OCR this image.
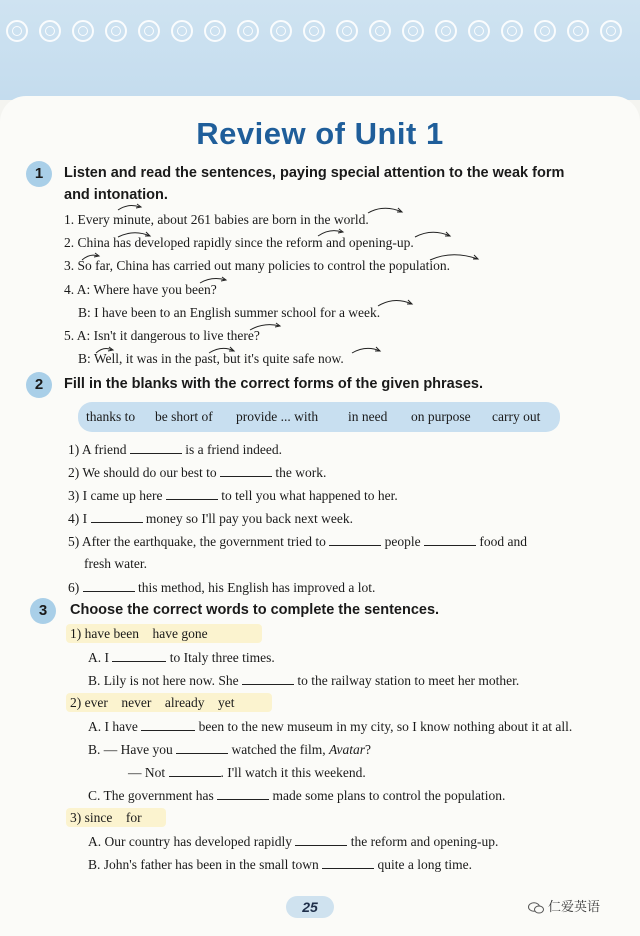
Review of Unit 1
1	Listen and read the sentences, paying special attention to the weak form
and intonation.
1. Every minute, about 261 babies are born in the world.
2. China has developed rapidly since the reform and opening-up.
3. So far, China has carried out many policies to control the population.
4. A: Where have you been?
B: I have been to an English summer school for a week.
5. A: Isn't it dangerous to live there?
B: Well, it was in the past, but it's quite safe now.
2	Fill in the blanks with the correct forms of the given phrases.
thanks to be short of provide ... with in need on purpose carry out
1) A friend	is a friend indeed.
2) We should do our best to	the work.
3) I came up here	to tell you what happened to her.
4) I	money so I'll pay you back next week.
5) After the earthquake, the government tried to	people	food and
fresh water.
6)	this method, his English has improved a lot.
3	Choose the correct words to complete the sentences.
1) have been    have gone
A. I	to Italy three times.
B. Lily is not here now. She	to the railway station to meet her mother.
2) ever    never    already    yet
A. I have	been to the new museum in my city, so I know nothing about it at all.
B. — Have you	watched the film, Avatar?
— Not	. I'll watch it this weekend.
C. The government has	made some plans to control the population.
3) since    for
A. Our country has developed rapidly	the reform and opening-up.
B. John's father has been in the small town	quite a long time.
25	仁爱英语
